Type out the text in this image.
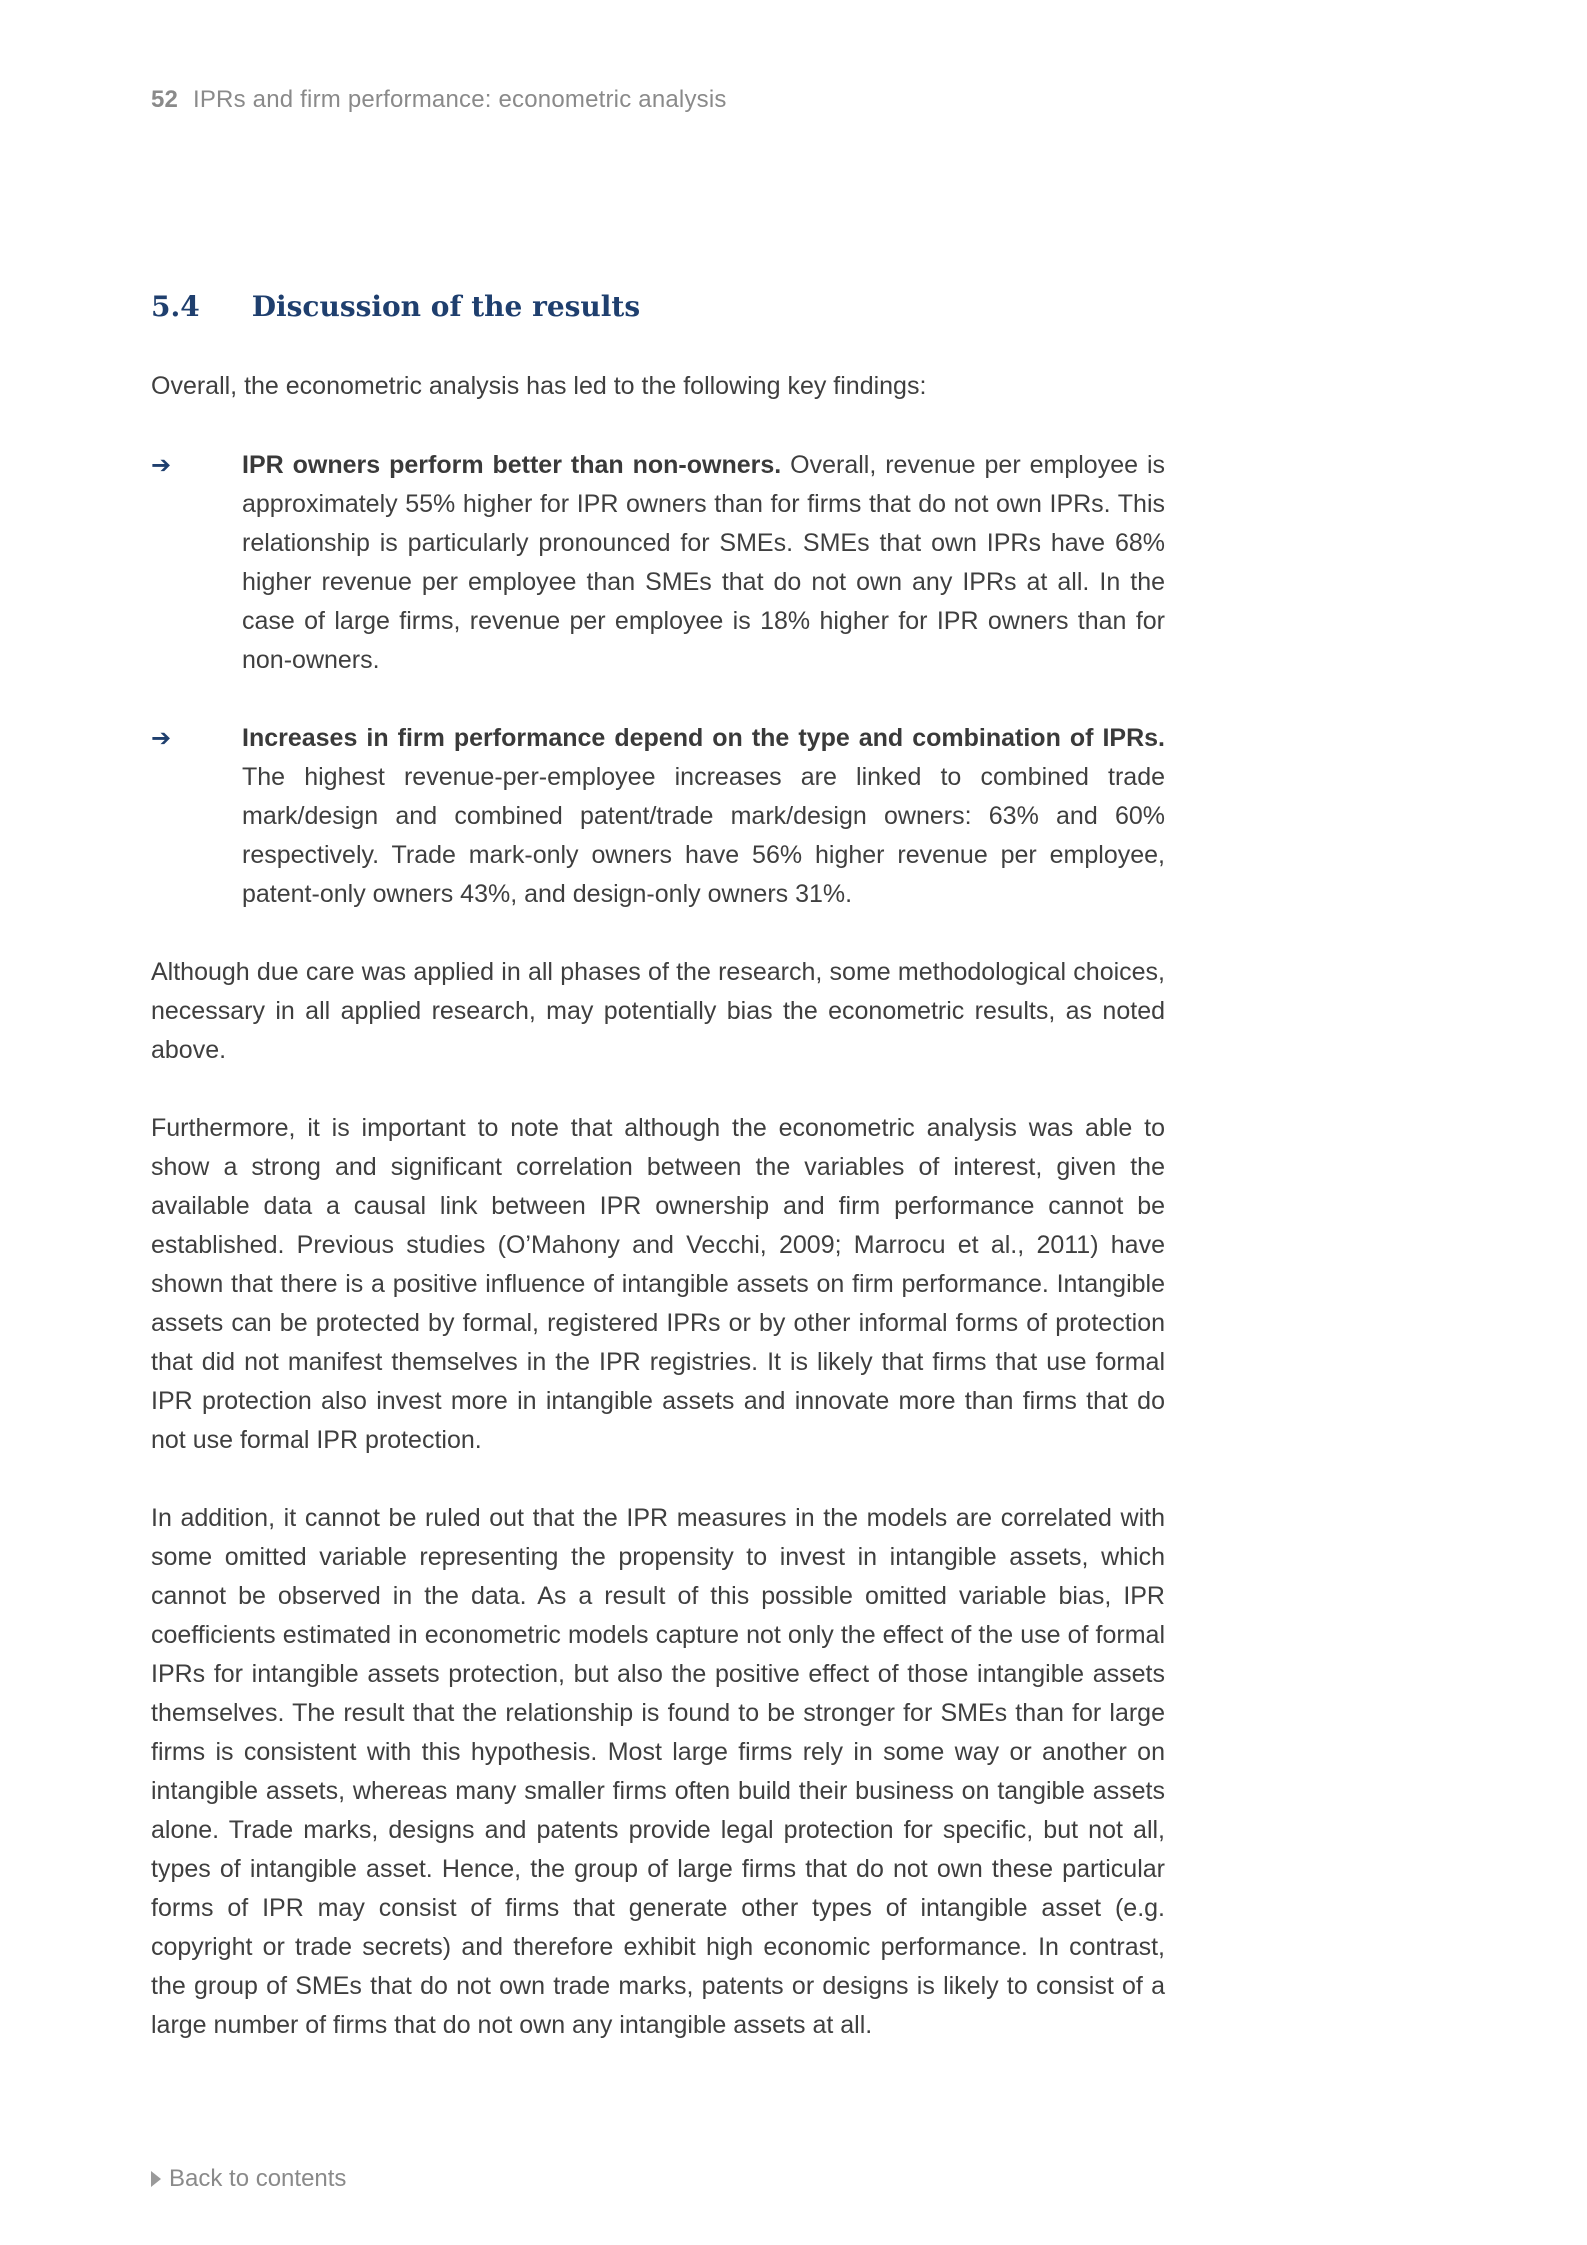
52 IPRs and firm performance: econometric analysis
5.4 Discussion of the results

Overall, the econometric analysis has led to the following key findings:

➔	IPR owners perform better than non-owners. Overall, revenue per employee is approximately 55% higher for IPR owners than for firms that do not own IPRs. This relationship is particularly pronounced for SMEs. SMEs that own IPRs have 68% higher revenue per employee than SMEs that do not own any IPRs at all. In the case of large firms, revenue per employee is 18% higher for IPR owners than for non-owners.

➔	Increases in firm performance depend on the type and combination of IPRs. The highest revenue-per-employee increases are linked to combined trade mark/design and combined patent/trade mark/design owners: 63% and 60% respectively. Trade mark-only owners have 56% higher revenue per employee, patent-only owners 43%, and design-only owners 31%.

Although due care was applied in all phases of the research, some methodological choices, necessary in all applied research, may potentially bias the econometric results, as noted above.

Furthermore, it is important to note that although the econometric analysis was able to show a strong and significant correlation between the variables of interest, given the available data a causal link between IPR ownership and firm performance cannot be established. Previous studies (O’Mahony and Vecchi, 2009; Marrocu et al., 2011) have shown that there is a positive influence of intangible assets on firm performance. Intangible assets can be protected by formal, registered IPRs or by other informal forms of protection that did not manifest themselves in the IPR registries. It is likely that firms that use formal IPR protection also invest more in intangible assets and innovate more than firms that do not use formal IPR protection.

In addition, it cannot be ruled out that the IPR measures in the models are correlated with some omitted variable representing the propensity to invest in intangible assets, which cannot be observed in the data. As a result of this possible omitted variable bias, IPR coefficients estimated in econometric models capture not only the effect of the use of formal IPRs for intangible assets protection, but also the positive effect of those intangible assets themselves. The result that the relationship is found to be stronger for SMEs than for large firms is consistent with this hypothesis. Most large firms rely in some way or another on intangible assets, whereas many smaller firms often build their business on tangible assets alone. Trade marks, designs and patents provide legal protection for specific, but not all, types of intangible asset. Hence, the group of large firms that do not own these particular forms of IPR may consist of firms that generate other types of intangible asset (e.g. copyright or trade secrets) and therefore exhibit high economic performance. In contrast, the group of SMEs that do not own trade marks, patents or designs is likely to consist of a large number of firms that do not own any intangible assets at all.

Back to contents
